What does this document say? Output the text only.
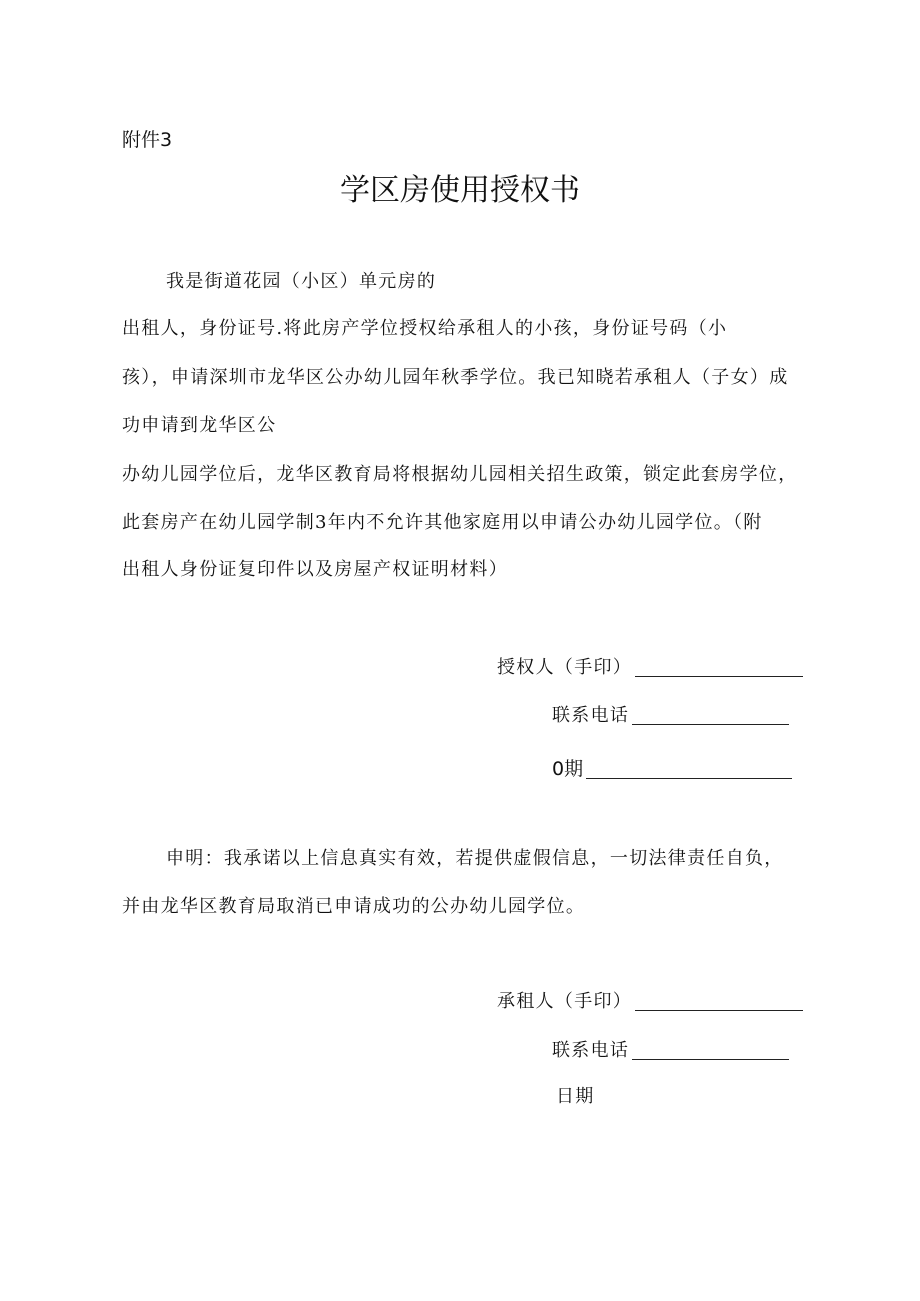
附件3
学区房使用授权书
我是街道花园（小区）单元房的
出租人，身份证号.将此房产学位授权给承租人的小孩，身份证号码（小
孩），申请深圳市龙华区公办幼儿园年秋季学位。我已知晓若承租人（子女）成
功申请到龙华区公
办幼儿园学位后，龙华区教育局将根据幼儿园相关招生政策，锁定此套房学位，
此套房产在幼儿园学制3年内不允许其他家庭用以申请公办幼儿园学位。（附
出租人身份证复印件以及房屋产权证明材料）
授权人（手印）
联系电话
0期
申明：我承诺以上信息真实有效，若提供虚假信息，一切法律责任自负，
并由龙华区教育局取消已申请成功的公办幼儿园学位。
承租人（手印）
联系电话
日期
